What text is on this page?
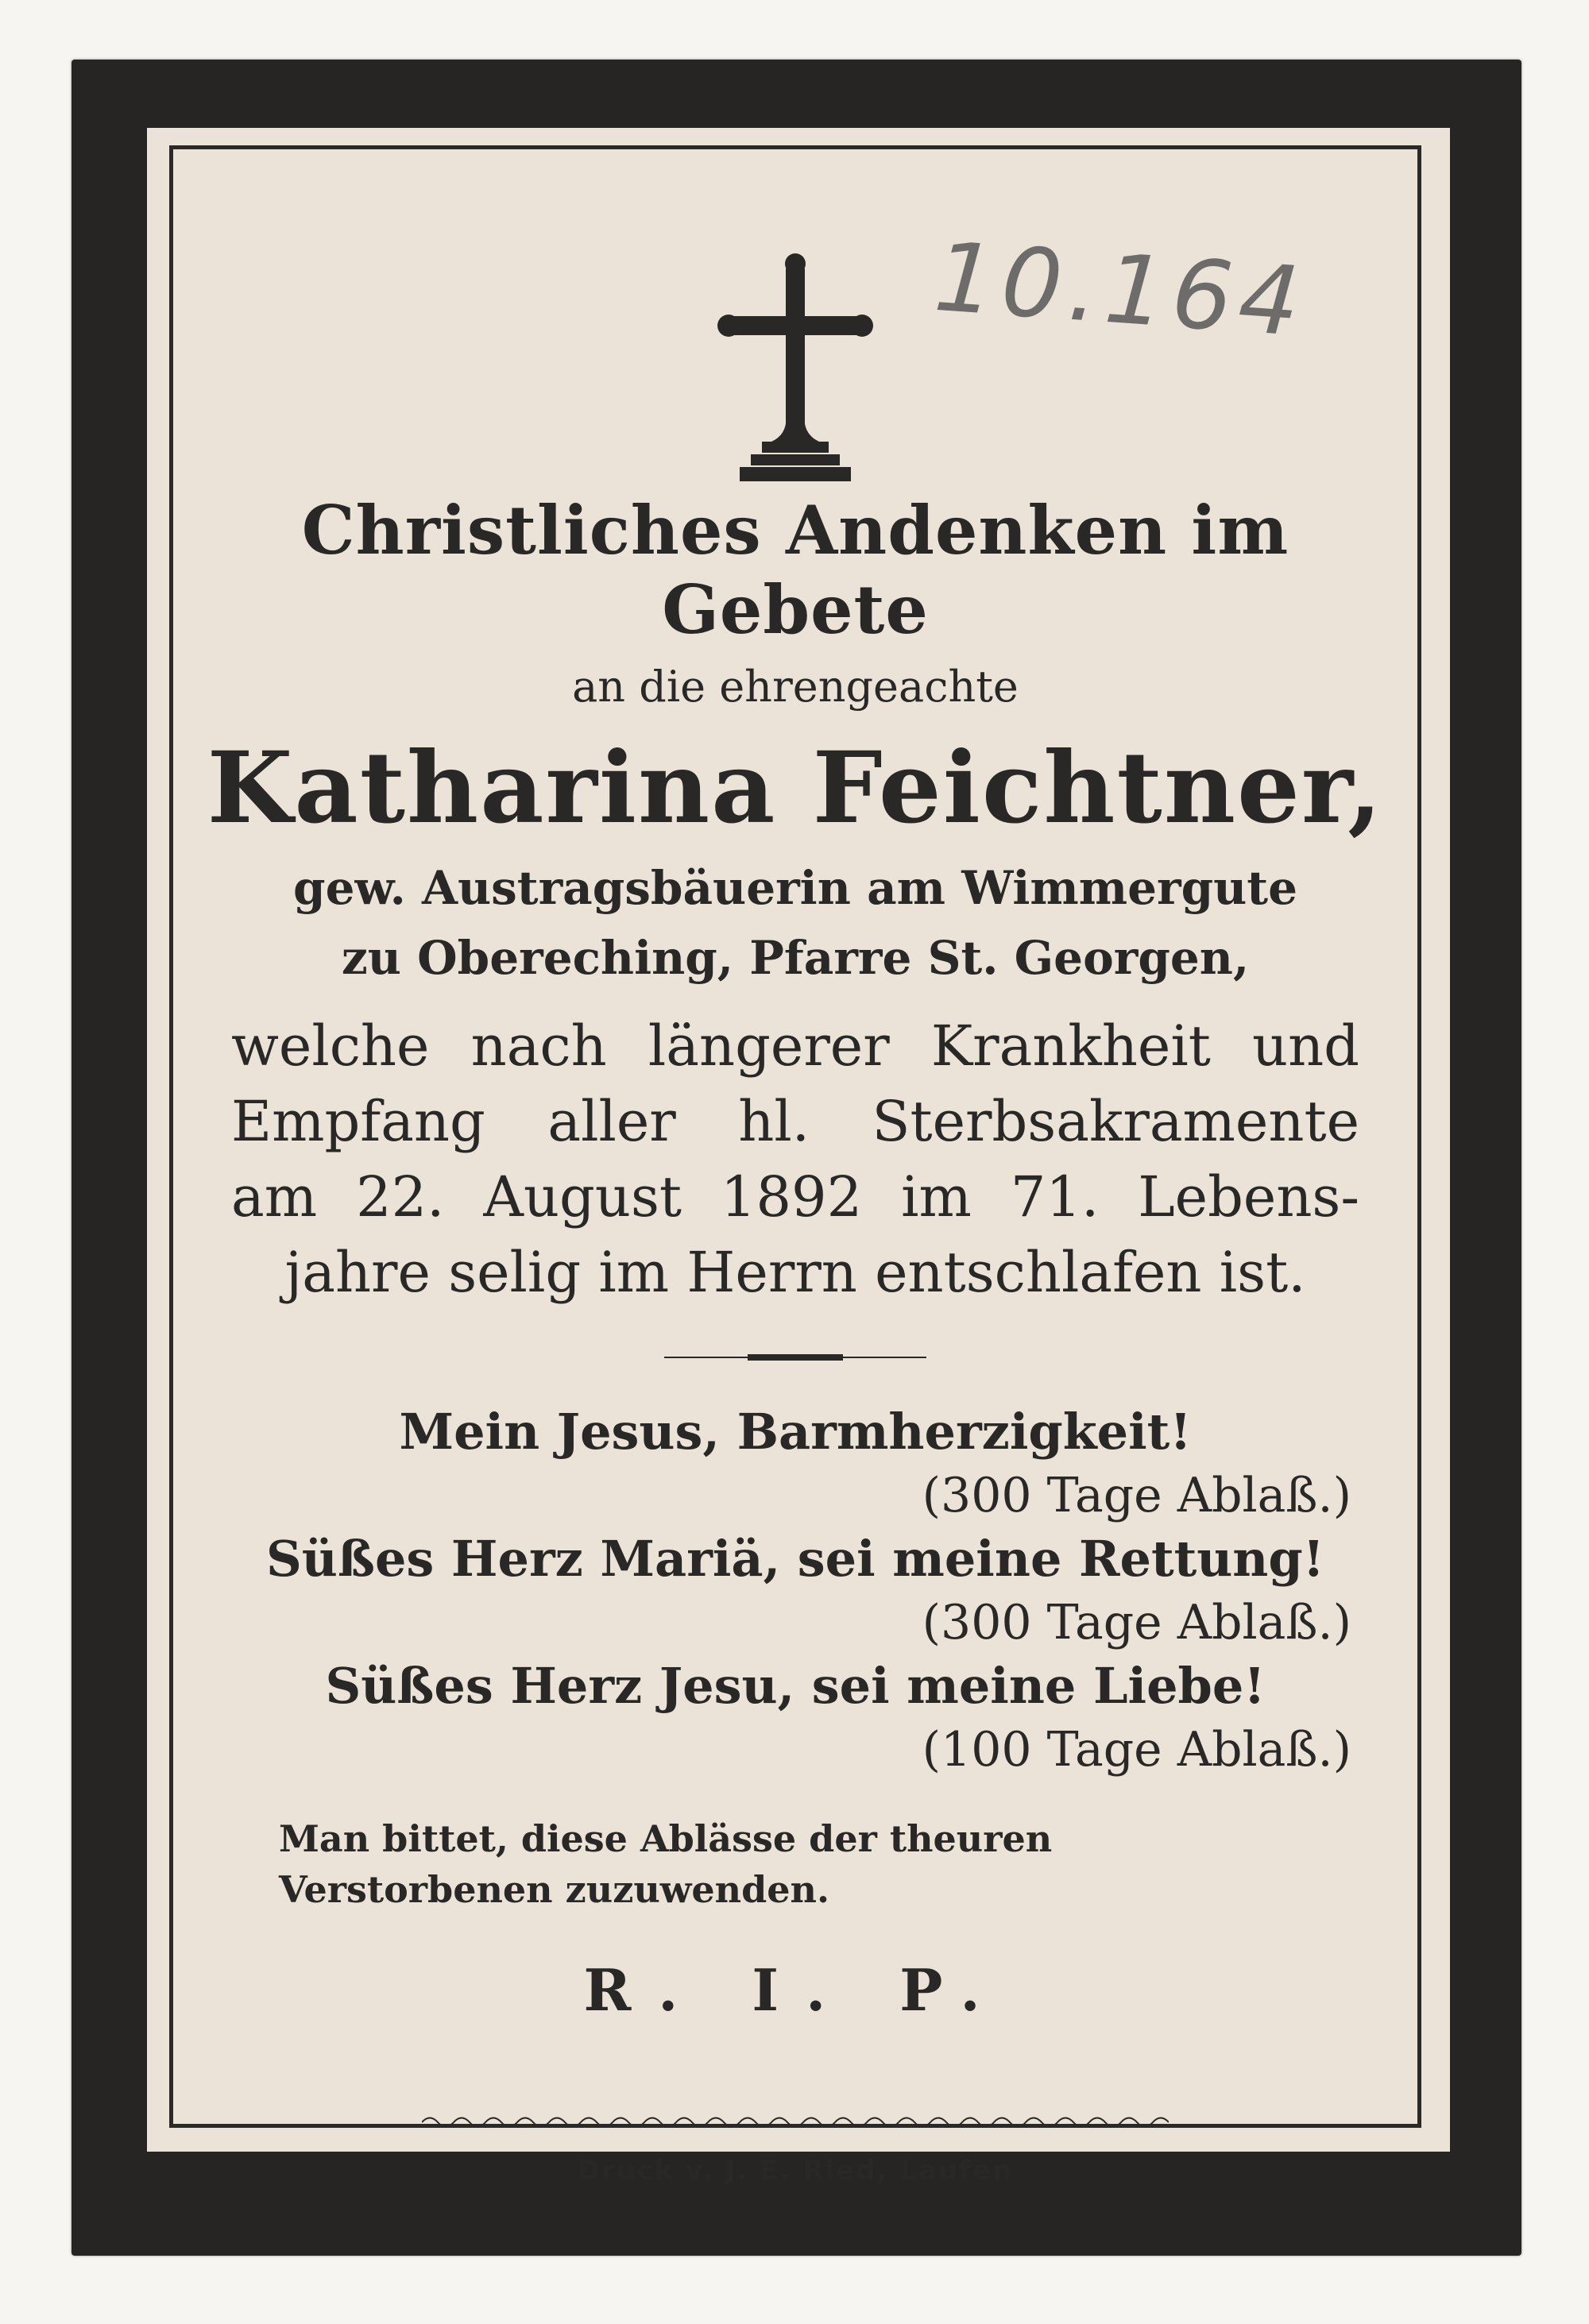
10.164
Christliches Andenken im Gebete
an die ehrengeachte
Katharina Feichtner,
gew. Austragsbäuerin am Wimmergute
zu Obereching, Pfarre St. Georgen,
welche nach längerer Krankheit und
Empfang aller hl. Sterbsakramente
am 22. August 1892 im 71. Lebens-
jahre selig im Herrn entschlafen ist.
Mein Jesus, Barmherzigkeit!
(300 Tage Ablaß.)
Süßes Herz Mariä, sei meine Rettung!
(300 Tage Ablaß.)
Süßes Herz Jesu, sei meine Liebe!
(100 Tage Ablaß.)
Man bittet, diese Ablässe der theuren Verstorbenen zuzuwenden.
R. I. P.
Druck v. J. E. Ried, Laufen
